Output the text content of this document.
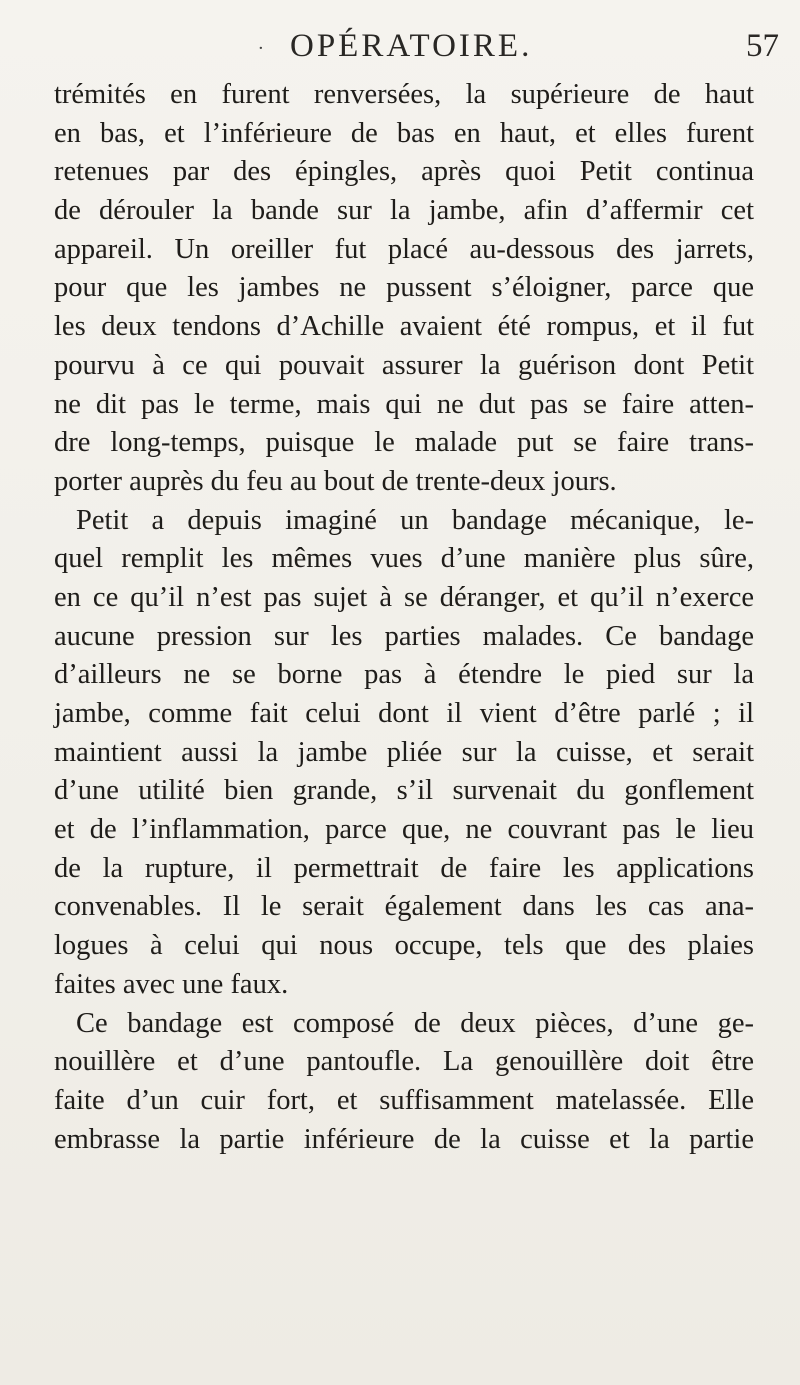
· OPÉRATOIRE.	57
trémités en furent renversées, la supérieure de haut
en bas, et l’inférieure de bas en haut, et elles furent
retenues par des épingles, après quoi Petit continua
de dérouler la bande sur la jambe, afin d’affermir cet
appareil. Un oreiller fut placé au-dessous des jarrets,
pour que les jambes ne pussent s’éloigner, parce que
les deux tendons d’Achille avaient été rompus, et il fut
pourvu à ce qui pouvait assurer la guérison dont Petit
ne dit pas le terme, mais qui ne dut pas se faire atten-
dre long-temps, puisque le malade put se faire trans-
porter auprès du feu au bout de trente-deux jours.
Petit a depuis imaginé un bandage mécanique, le-
quel remplit les mêmes vues d’une manière plus sûre,
en ce qu’il n’est pas sujet à se déranger, et qu’il n’exerce
aucune pression sur les parties malades. Ce bandage
d’ailleurs ne se borne pas à étendre le pied sur la
jambe, comme fait celui dont il vient d’être parlé ; il
maintient aussi la jambe pliée sur la cuisse, et serait
d’une utilité bien grande, s’il survenait du gonflement
et de l’inflammation, parce que, ne couvrant pas le lieu
de la rupture, il permettrait de faire les applications
convenables. Il le serait également dans les cas ana-
logues à celui qui nous occupe, tels que des plaies
faites avec une faux.
Ce bandage est composé de deux pièces, d’une ge-
nouillère et d’une pantoufle. La genouillère doit être
faite d’un cuir fort, et suffisamment matelassée. Elle
embrasse la partie inférieure de la cuisse et la partie
